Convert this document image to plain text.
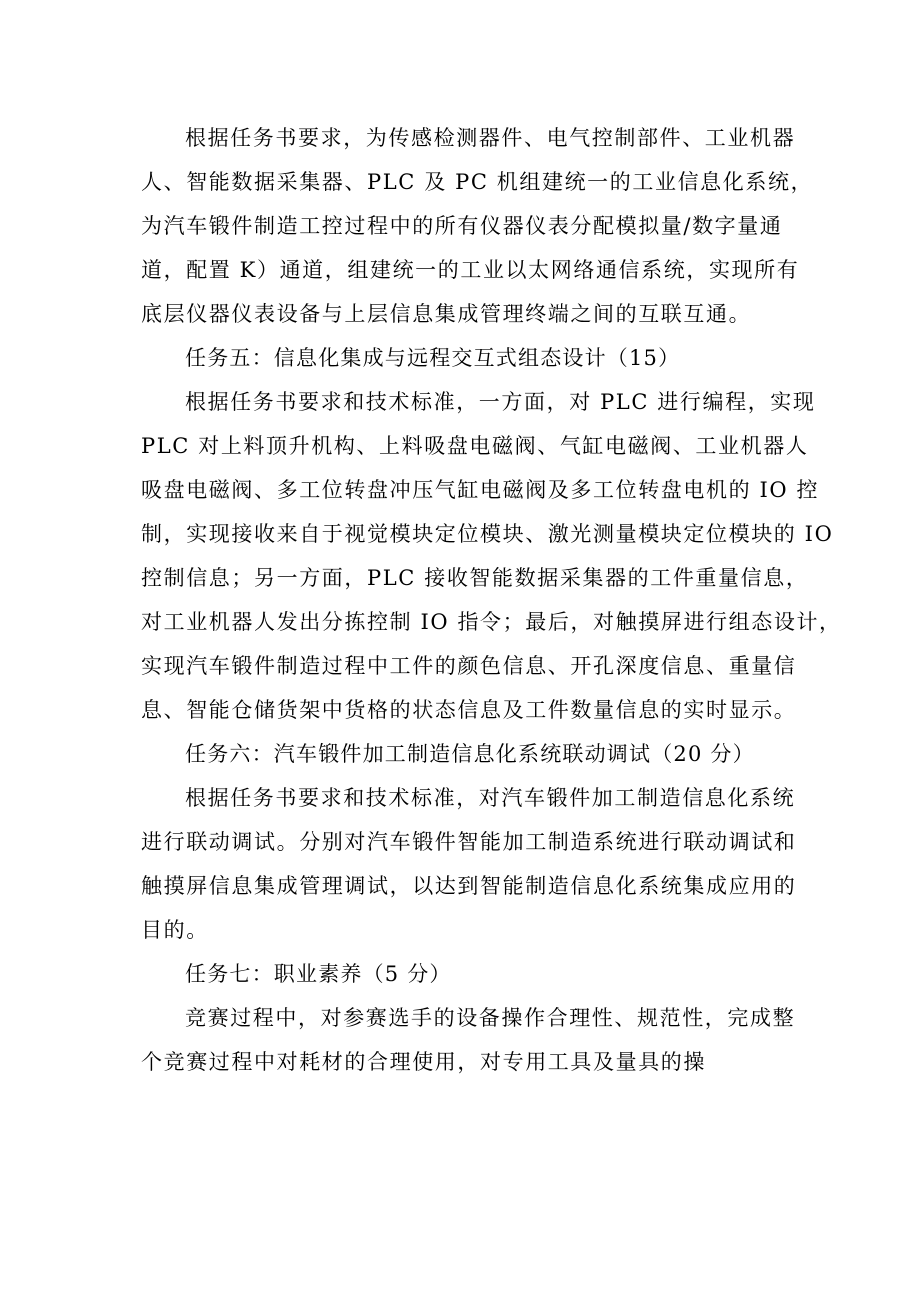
根据任务书要求，为传感检测器件、电气控制部件、工业机器
人、智能数据采集器、PLC 及 PC 机组建统一的工业信息化系统，
为汽车锻件制造工控过程中的所有仪器仪表分配模拟量/数字量通
道，配置 K）通道，组建统一的工业以太网络通信系统，实现所有
底层仪器仪表设备与上层信息集成管理终端之间的互联互通。
任务五：信息化集成与远程交互式组态设计（15）
根据任务书要求和技术标准，一方面，对 PLC 进行编程，实现
PLC 对上料顶升机构、上料吸盘电磁阀、气缸电磁阀、工业机器人
吸盘电磁阀、多工位转盘冲压气缸电磁阀及多工位转盘电机的 IO 控
制，实现接收来自于视觉模块定位模块、激光测量模块定位模块的 IO
控制信息；另一方面，PLC 接收智能数据采集器的工件重量信息，
对工业机器人发出分拣控制 IO 指令；最后，对触摸屏进行组态设计，
实现汽车锻件制造过程中工件的颜色信息、开孔深度信息、重量信
息、智能仓储货架中货格的状态信息及工件数量信息的实时显示。
任务六：汽车锻件加工制造信息化系统联动调试（20 分）
根据任务书要求和技术标准，对汽车锻件加工制造信息化系统
进行联动调试。分别对汽车锻件智能加工制造系统进行联动调试和
触摸屏信息集成管理调试，以达到智能制造信息化系统集成应用的
目的。
任务七：职业素养（5 分）
竞赛过程中，对参赛选手的设备操作合理性、规范性，完成整
个竞赛过程中对耗材的合理使用，对专用工具及量具的操
